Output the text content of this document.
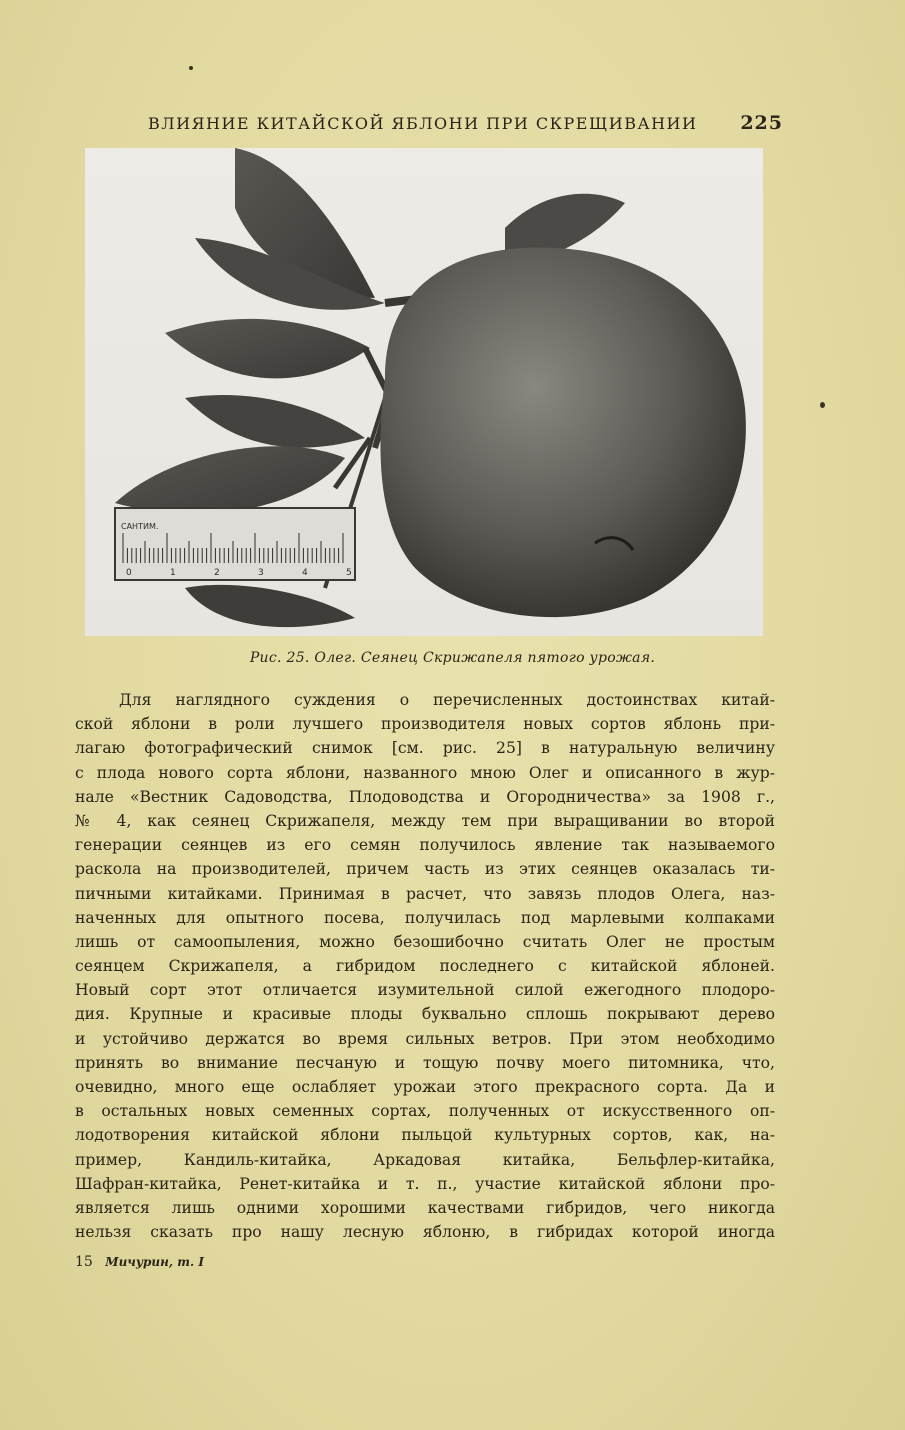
ВЛИЯНИЕ КИТАЙСКОЙ ЯБЛОНИ ПРИ СКРЕЩИВАНИИ 225
САНТИМ.
0	1	2	3	4	5
Рис. 25. Олег. Сеянец Скрижапеля пятого урожая.
Для наглядного суждения о перечисленных достоинствах китай-
ской яблони в роли лучшего производителя новых сортов яблонь при-
лагаю фотографический снимок [см. рис. 25] в натуральную величину
с плода нового сорта яблони, названного мною Олег и описанного в жур-
нале «Вестник Садоводства, Плодоводства и Огородничества» за 1908 г.,
№ 4, как сеянец Скрижапеля, между тем при выращивании во второй
генерации сеянцев из его семян получилось явление так называемого
раскола на производителей, причем часть из этих сеянцев оказалась ти-
пичными китайками. Принимая в расчет, что завязь плодов Олега, наз-
наченных для опытного посева, получилась под марлевыми колпаками
лишь от самоопыления, можно безошибочно считать Олег не простым
сеянцем Скрижапеля, а гибридом последнего с китайской яблоней.
Новый сорт этот отличается изумительной силой ежегодного плодоро-
дия. Крупные и красивые плоды буквально сплошь покрывают дерево
и устойчиво держатся во время сильных ветров. При этом необходимо
принять во внимание песчаную и тощую почву моего питомника, что,
очевидно, много еще ослабляет урожаи этого прекрасного сорта. Да и
в остальных новых семенных сортах, полученных от искусственного оп-
лодотворения китайской яблони пыльцой культурных сортов, как, на-
пример, Кандиль-китайка, Аркадовая китайка, Бельфлер-китайка,
Шафран-китайка, Ренет-китайка и т. п., участие китайской яблони про-
является лишь одними хорошими качествами гибридов, чего никогда
нельзя сказать про нашу лесную яблоню, в гибридах которой иногда
15 Мичурин, т. I
